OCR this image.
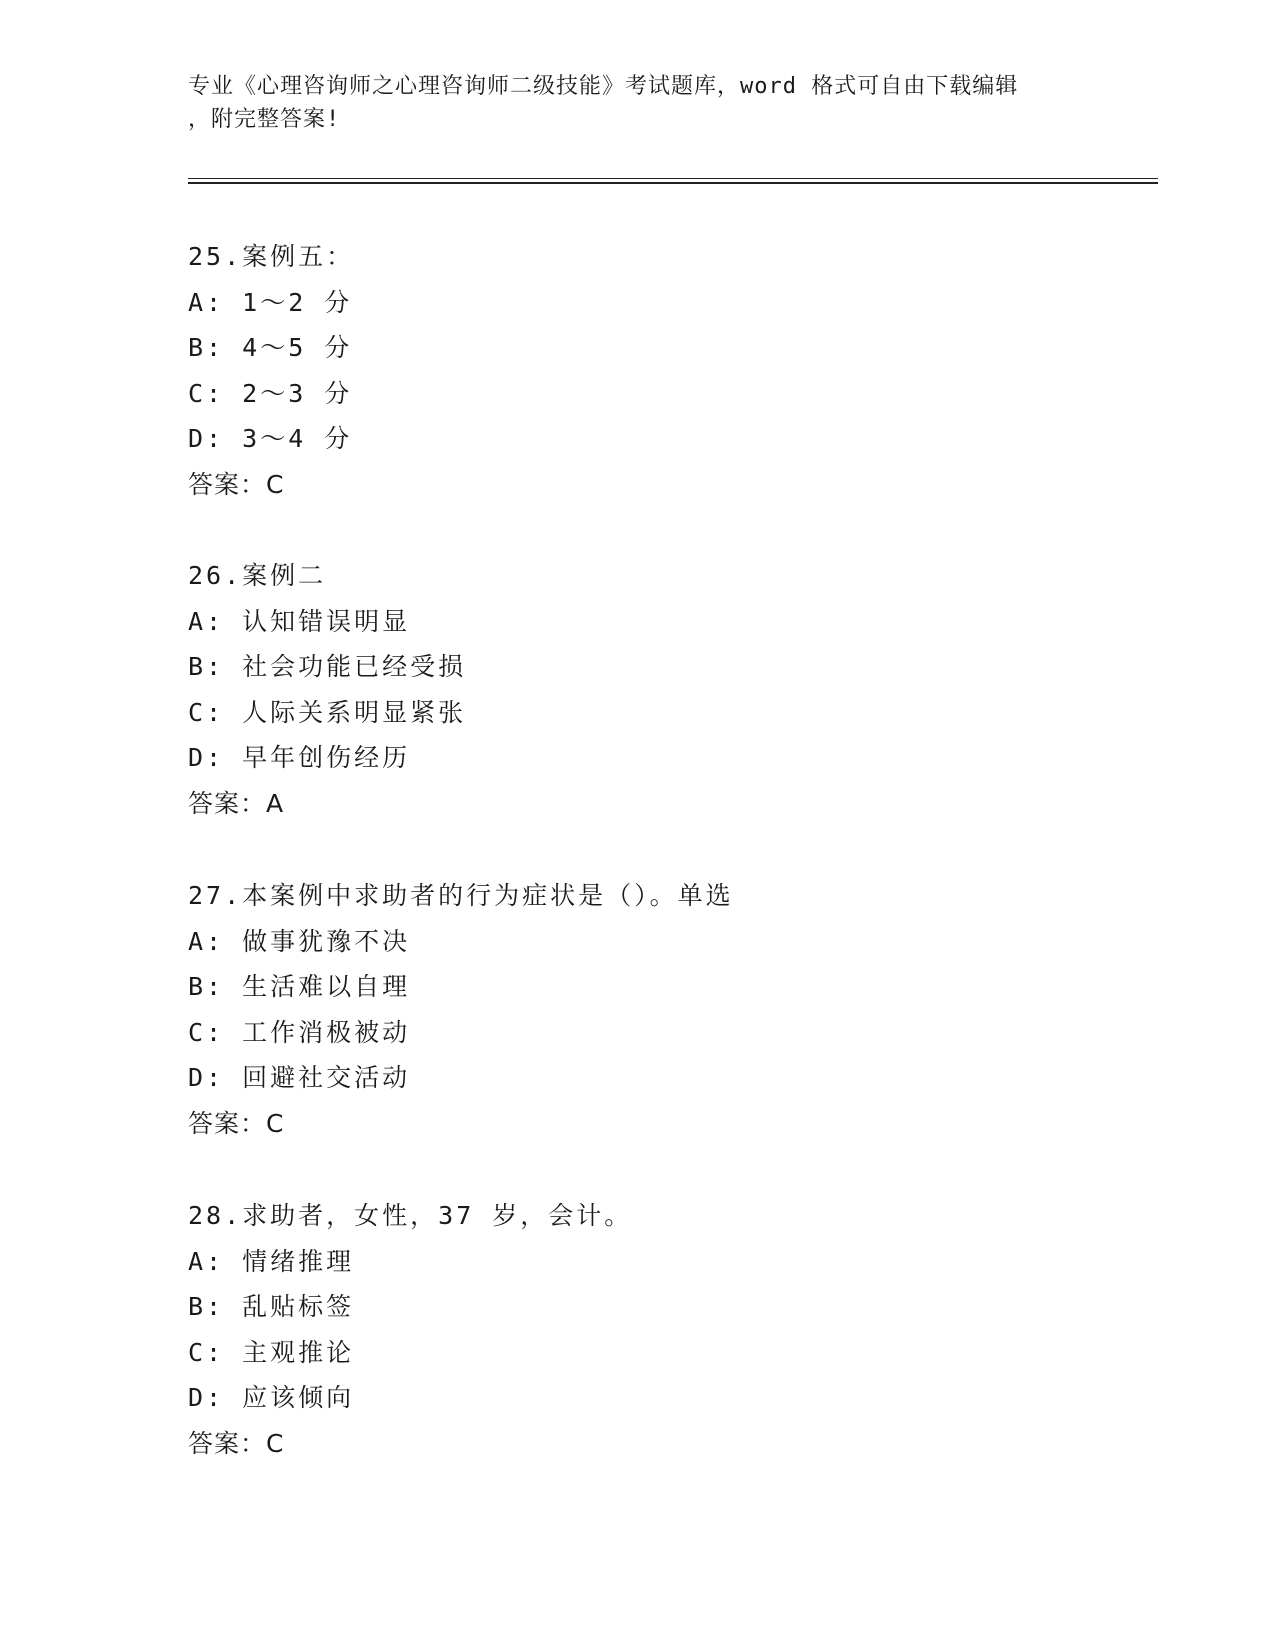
专业《心理咨询师之心理咨询师二级技能》考试题库，word 格式可自由下载编辑
，附完整答案!
25.案例五：
A: 1～2 分
B: 4～5 分
C: 2～3 分
D: 3～4 分
答案：C
26.案例二
A: 认知错误明显
B: 社会功能已经受损
C: 人际关系明显紧张
D: 早年创伤经历
答案：A
27.本案例中求助者的行为症状是（）。单选
A: 做事犹豫不决
B: 生活难以自理
C: 工作消极被动
D: 回避社交活动
答案：C
28.求助者，女性，37 岁，会计。
A: 情绪推理
B: 乱贴标签
C: 主观推论
D: 应该倾向
答案：C
